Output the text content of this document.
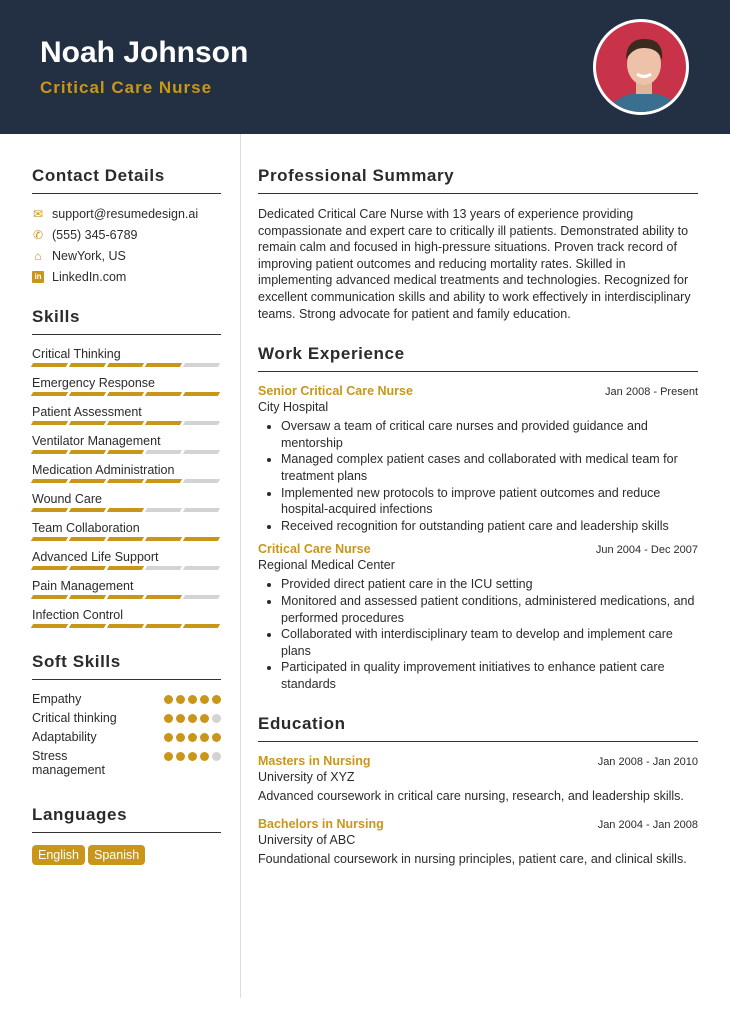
Noah Johnson
Critical Care Nurse
Contact Details
✉ support@resumedesign.ai
✆ (555) 345-6789
⌂ NewYork, US
in LinkedIn.com
Skills
Critical Thinking
Emergency Response
Patient Assessment
Ventilator Management
Medication Administration
Wound Care
Team Collaboration
Advanced Life Support
Pain Management
Infection Control
Soft Skills
Empathy
Critical thinking
Adaptability
Stress management
Languages
English Spanish
Professional Summary

Dedicated Critical Care Nurse with 13 years of experience providing compassionate and expert care to critically ill patients. Demonstrated ability to remain calm and focused in high-pressure situations. Proven track record of improving patient outcomes and reducing mortality rates. Skilled in implementing advanced medical treatments and technologies. Recognized for excellent communication skills and ability to work effectively in interdisciplinary teams. Strong advocate for patient and family education.

Work Experience
Senior Critical Care Nurse	Jan 2008 - Present
City Hospital
• Oversaw a team of critical care nurses and provided guidance and mentorship
• Managed complex patient cases and collaborated with medical team for treatment plans
• Implemented new protocols to improve patient outcomes and reduce hospital-acquired infections
• Received recognition for outstanding patient care and leadership skills
Critical Care Nurse	Jun 2004 - Dec 2007
Regional Medical Center
• Provided direct patient care in the ICU setting
• Monitored and assessed patient conditions, administered medications, and performed procedures
• Collaborated with interdisciplinary team to develop and implement care plans
• Participated in quality improvement initiatives to enhance patient care standards
Education
Masters in Nursing	Jan 2008 - Jan 2010
University of XYZ
Advanced coursework in critical care nursing, research, and leadership skills.
Bachelors in Nursing	Jan 2004 - Jan 2008
University of ABC
Foundational coursework in nursing principles, patient care, and clinical skills.
